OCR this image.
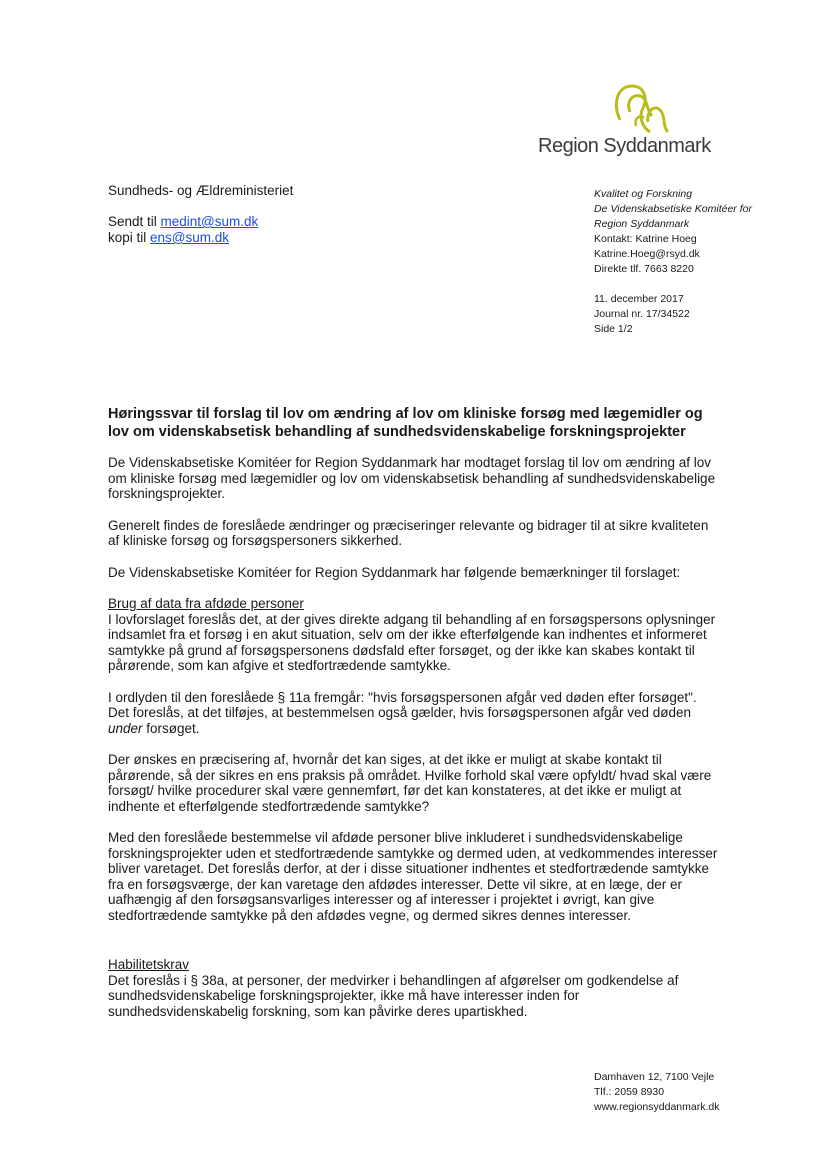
Region Syddanmark
Sundheds- og Ældreministeriet
Sendt til medint@sum.dk
kopi til ens@sum.dk
Kvalitet og Forskning
De Videnskabsetiske Komitéer for
Region Syddanmark
Kontakt: Katrine Hoeg
Katrine.Hoeg@rsyd.dk
Direkte tlf. 7663 8220
11. december 2017
Journal nr. 17/34522
Side 1/2
Høringssvar til forslag til lov om ændring af lov om kliniske forsøg med lægemidler og lov om videnskabsetisk behandling af sundhedsvidenskabelige forskningsprojekter

De Videnskabsetiske Komitéer for Region Syddanmark har modtaget forslag til lov om ændring af lov om kliniske forsøg med lægemidler og lov om videnskabsetisk behandling af sundhedsvidenskabelige forskningsprojekter.

Generelt findes de foreslåede ændringer og præciseringer relevante og bidrager til at sikre kvaliteten af kliniske forsøg og forsøgspersoners sikkerhed.

De Videnskabsetiske Komitéer for Region Syddanmark har følgende bemærkninger til forslaget:

Brug af data fra afdøde personer

I lovforslaget foreslås det, at der gives direkte adgang til behandling af en forsøgspersons oplysninger indsamlet fra et forsøg i en akut situation, selv om der ikke efterfølgende kan indhentes et informeret samtykke på grund af forsøgspersonens dødsfald efter forsøget, og der ikke kan skabes kontakt til pårørende, som kan afgive et stedfortrædende samtykke.

I ordlyden til den foreslåede § 11a fremgår: "hvis forsøgspersonen afgår ved døden efter forsøget". Det foreslås, at det tilføjes, at bestemmelsen også gælder, hvis forsøgspersonen afgår ved døden under forsøget.

Der ønskes en præcisering af, hvornår det kan siges, at det ikke er muligt at skabe kontakt til pårørende, så der sikres en ens praksis på området. Hvilke forhold skal være opfyldt/ hvad skal være forsøgt/ hvilke procedurer skal være gennemført, før det kan konstateres, at det ikke er muligt at indhente et efterfølgende stedfortrædende samtykke?

Med den foreslåede bestemmelse vil afdøde personer blive inkluderet i sundhedsvidenskabelige forskningsprojekter uden et stedfortrædende samtykke og dermed uden, at vedkommendes interesser bliver varetaget. Det foreslås derfor, at der i disse situationer indhentes et stedfortrædende samtykke fra en forsøgsværge, der kan varetage den afdødes interesser. Dette vil sikre, at en læge, der er uafhængig af den forsøgsansvarliges interesser og af interesser i projektet i øvrigt, kan give stedfortrædende samtykke på den afdødes vegne, og dermed sikres dennes interesser.

Habilitetskrav

Det foreslås i § 38a, at personer, der medvirker i behandlingen af afgørelser om godkendelse af sundhedsvidenskabelige forskningsprojekter, ikke må have interesser inden for sundhedsvidenskabelig forskning, som kan påvirke deres upartiskhed.

Damhaven 12, 7100 Vejle
Tlf.: 2059 8930
www.regionsyddanmark.dk
